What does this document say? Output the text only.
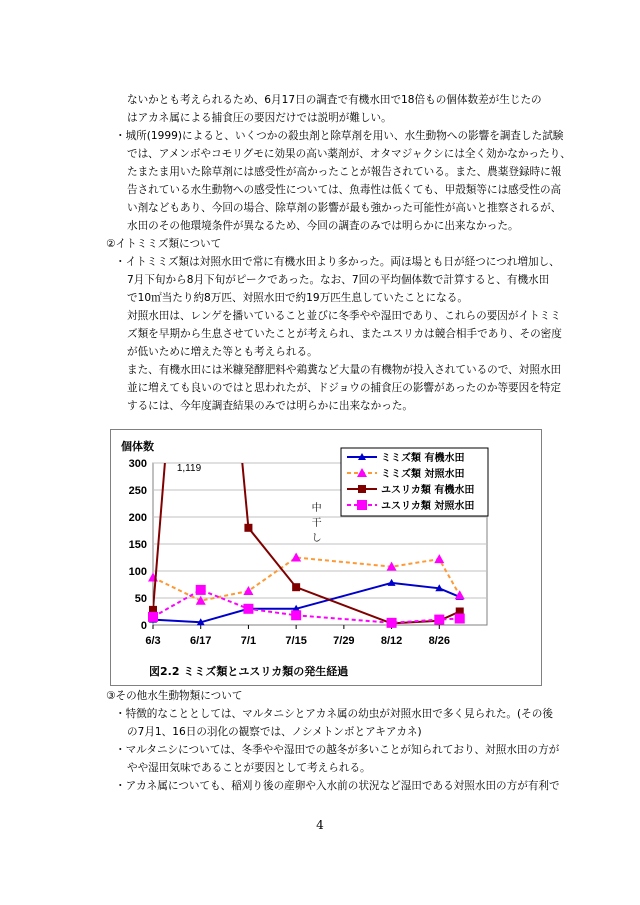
ないかとも考えられるため、6月17日の調査で有機水田で18倍もの個体数差が生じたの
はアカネ属による捕食圧の要因だけでは説明が難しい。
・城所(1999)によると、いくつかの殺虫剤と除草剤を用い、水生動物への影響を調査した試験
では、アメンボやコモリグモに効果の高い薬剤が、オタマジャクシには全く効かなかったり、
たまたま用いた除草剤には感受性が高かったことが報告されている。また、農薬登録時に報
告されている水生動物への感受性については、魚毒性は低くても、甲殻類等には感受性の高
い剤などもあり、今回の場合、除草剤の影響が最も強かった可能性が高いと推察されるが、
水田のその他環境条件が異なるため、今回の調査のみでは明らかに出来なかった。
②イトミミズ類について
・イトミミズ類は対照水田で常に有機水田より多かった。両ほ場とも日が経つにつれ増加し、
7月下旬から8月下旬がピークであった。なお、7回の平均個体数で計算すると、有機水田
で10㎡当たり約8万匹、対照水田で約19万匹生息していたことになる。
対照水田は、レンゲを播いていること並びに冬季やや湿田であり、これらの要因がイトミミ
ズ類を早期から生息させていたことが考えられ、またユスリカは競合相手であり、その密度
が低いために増えた等とも考えられる。
また、有機水田には米糠発酵肥料や鶏糞など大量の有機物が投入されているので、対照水田
並に増えても良いのではと思われたが、ドジョウの捕食圧の影響があったのか等要因を特定
するには、今年度調査結果のみでは明らかに出来なかった。
③その他水生動物類について
・特徴的なこととしては、マルタニシとアカネ属の幼虫が対照水田で多く見られた。(その後
の7月1、16日の羽化の観察では、ノシメトンボとアキアカネ)
・マルタニシについては、冬季やや湿田での越冬が多いことが知られており、対照水田の方が
やや湿田気味であることが要因として考えられる。
・アカネ属についても、稲刈り後の産卵や入水前の状況など湿田である対照水田の方が有利で
0
50
100
150
200
250
300
個体数
6/3	6/17	7/1	7/15 7/29 8/12 8/26
1,119
中
干
し
ミミズ類 有機水田
ミミズ類 対照水田
ユスリカ類 有機水田
ユスリカ類 対照水田
図2.2 ミミズ類とユスリカ類の発生経過
4
